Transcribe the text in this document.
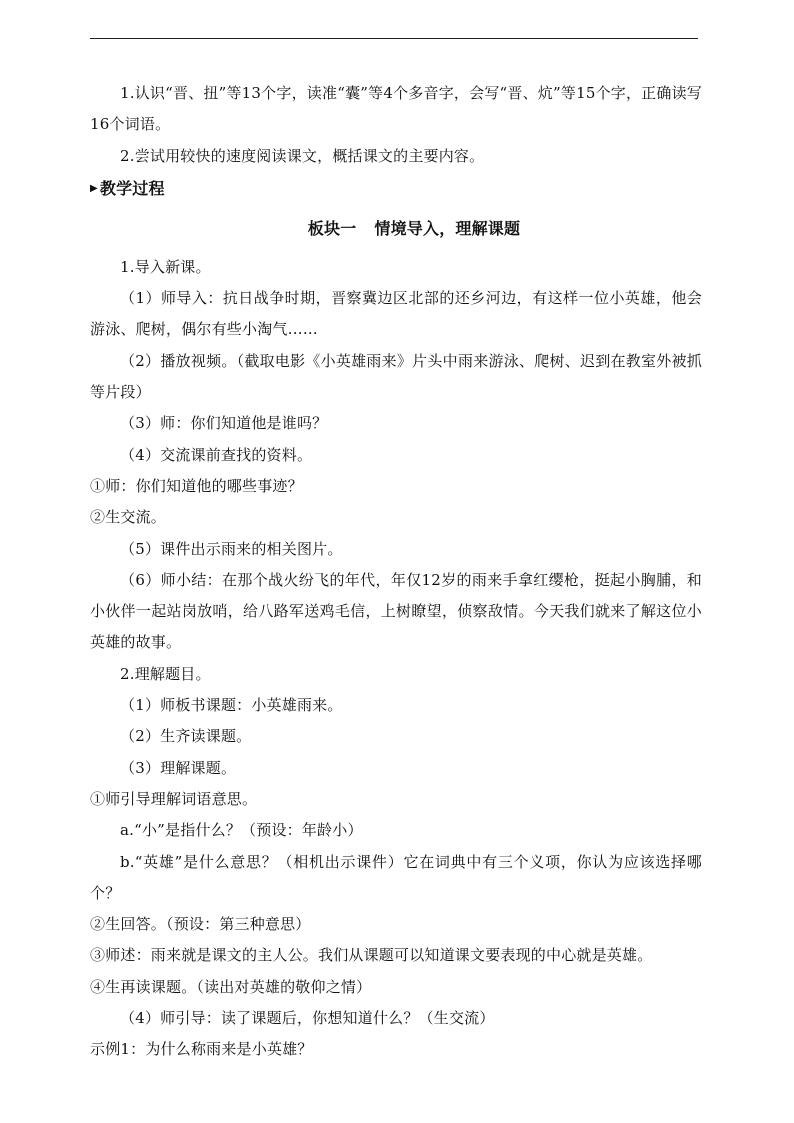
1.认识“晋、扭”等13个字，读准“囊”等4个多音字，会写“晋、炕”等15个字，正确读写16个词语。

2.尝试用较快的速度阅读课文，概括课文的主要内容。

▶ 教学过程

板块一 情境导入，理解课题

1.导入新课。

（1）师导入：抗日战争时期，晋察冀边区北部的还乡河边，有这样一位小英雄，他会游泳、爬树，偶尔有些小淘气……

（2）播放视频。（截取电影《小英雄雨来》片头中雨来游泳、爬树、迟到在教室外被抓等片段）

（3）师：你们知道他是谁吗？

（4）交流课前查找的资料。

①师：你们知道他的哪些事迹？

②生交流。

（5）课件出示雨来的相关图片。

（6）师小结：在那个战火纷飞的年代，年仅12岁的雨来手拿红缨枪，挺起小胸脯，和小伙伴一起站岗放哨，给八路军送鸡毛信，上树瞭望，侦察敌情。今天我们就来了解这位小英雄的故事。

2.理解题目。

（1）师板书课题：小英雄雨来。

（2）生齐读课题。

（3）理解课题。

①师引导理解词语意思。

a.“小”是指什么？（预设：年龄小）

b.“英雄”是什么意思？（相机出示课件）它在词典中有三个义项，你认为应该选择哪个？

②生回答。（预设：第三种意思）

③师述：雨来就是课文的主人公。我们从课题可以知道课文要表现的中心就是英雄。

④生再读课题。（读出对英雄的敬仰之情）

（4）师引导：读了课题后，你想知道什么？（生交流）

示例1：为什么称雨来是小英雄？
